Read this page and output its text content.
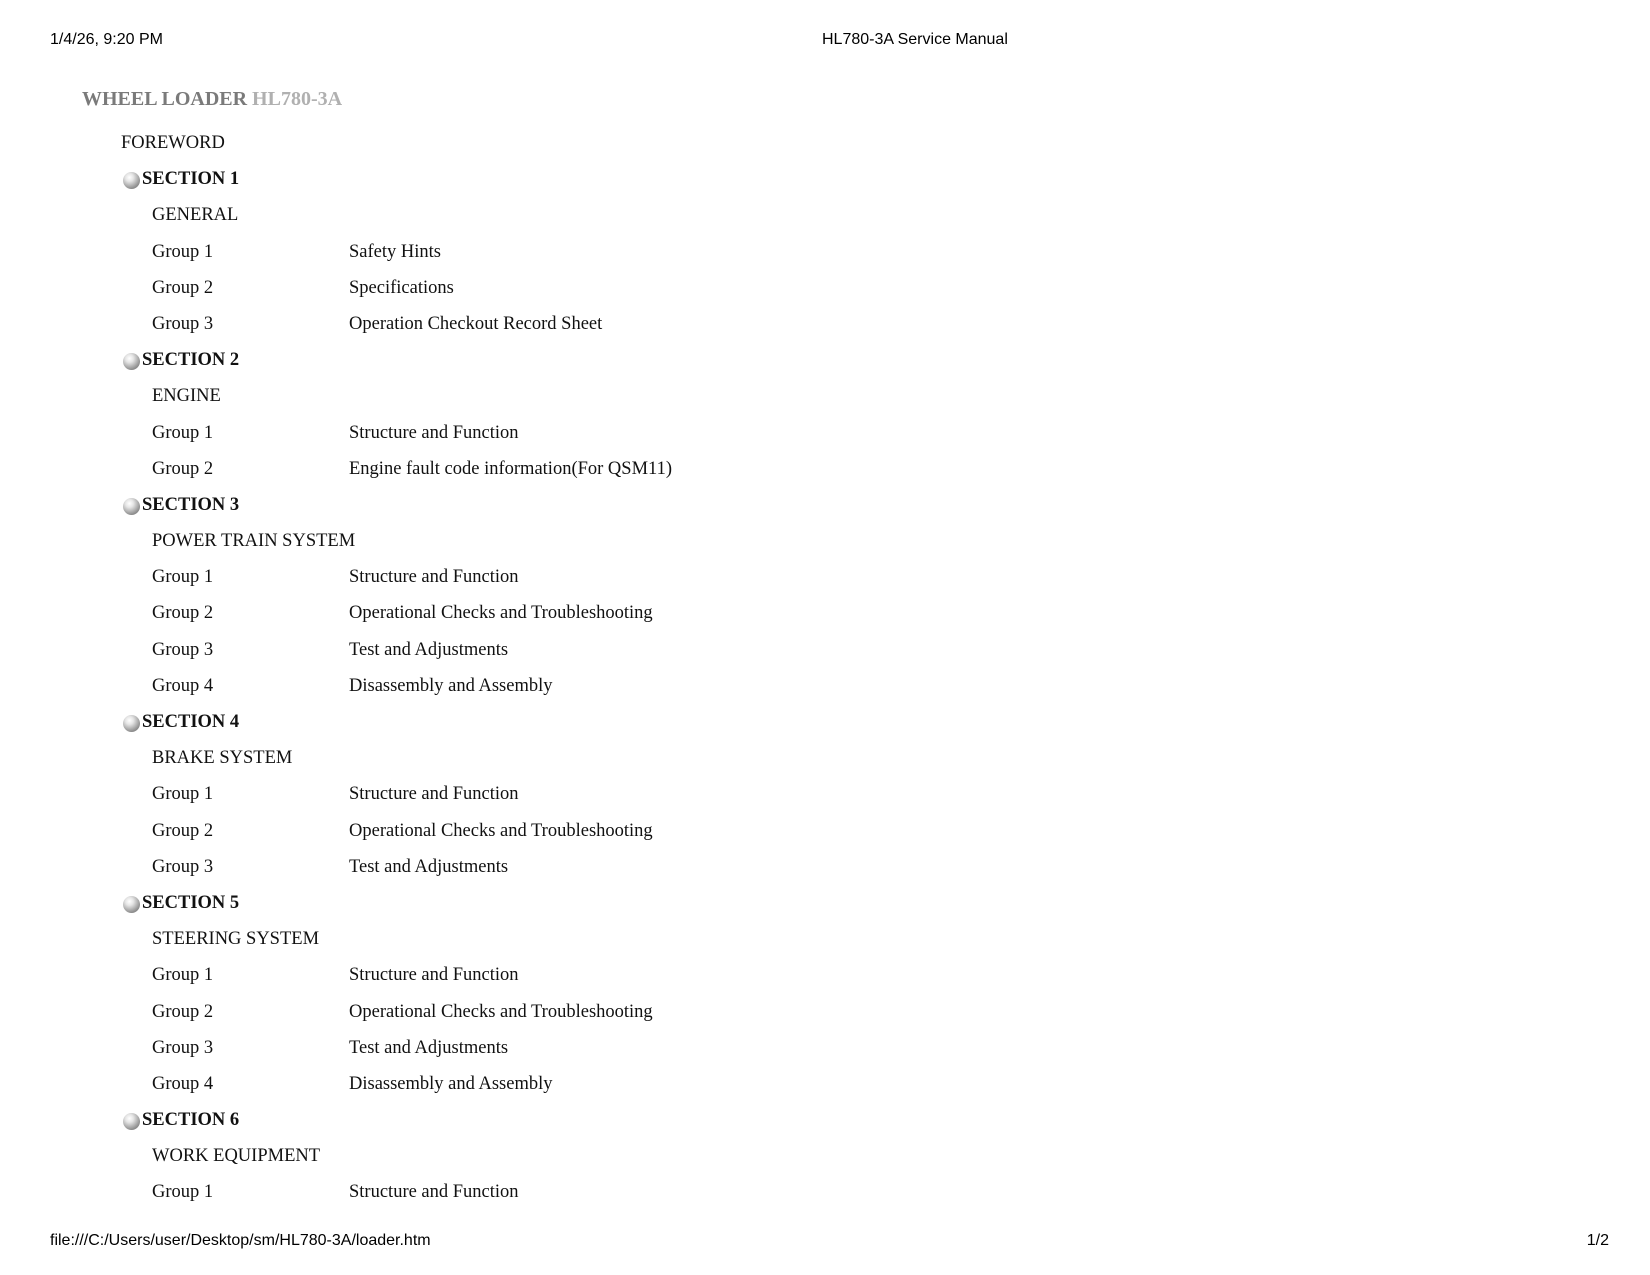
1/4/26, 9:20 PM	HL780-3A Service Manual
WHEEL LOADER HL780-3A
FOREWORD
SECTION 1
GENERAL
Group 1	Safety Hints
Group 2	Specifications
Group 3	Operation Checkout Record Sheet
SECTION 2
ENGINE
Group 1	Structure and Function
Group 2	Engine fault code information(For QSM11)
SECTION 3
POWER TRAIN SYSTEM
Group 1	Structure and Function
Group 2	Operational Checks and Troubleshooting
Group 3	Test and Adjustments
Group 4	Disassembly and Assembly
SECTION 4
BRAKE SYSTEM
Group 1	Structure and Function
Group 2	Operational Checks and Troubleshooting
Group 3	Test and Adjustments
SECTION 5
STEERING SYSTEM
Group 1	Structure and Function
Group 2	Operational Checks and Troubleshooting
Group 3	Test and Adjustments
Group 4	Disassembly and Assembly
SECTION 6
WORK EQUIPMENT
Group 1	Structure and Function
file:///C:/Users/user/Desktop/sm/HL780-3A/loader.htm	1/2
